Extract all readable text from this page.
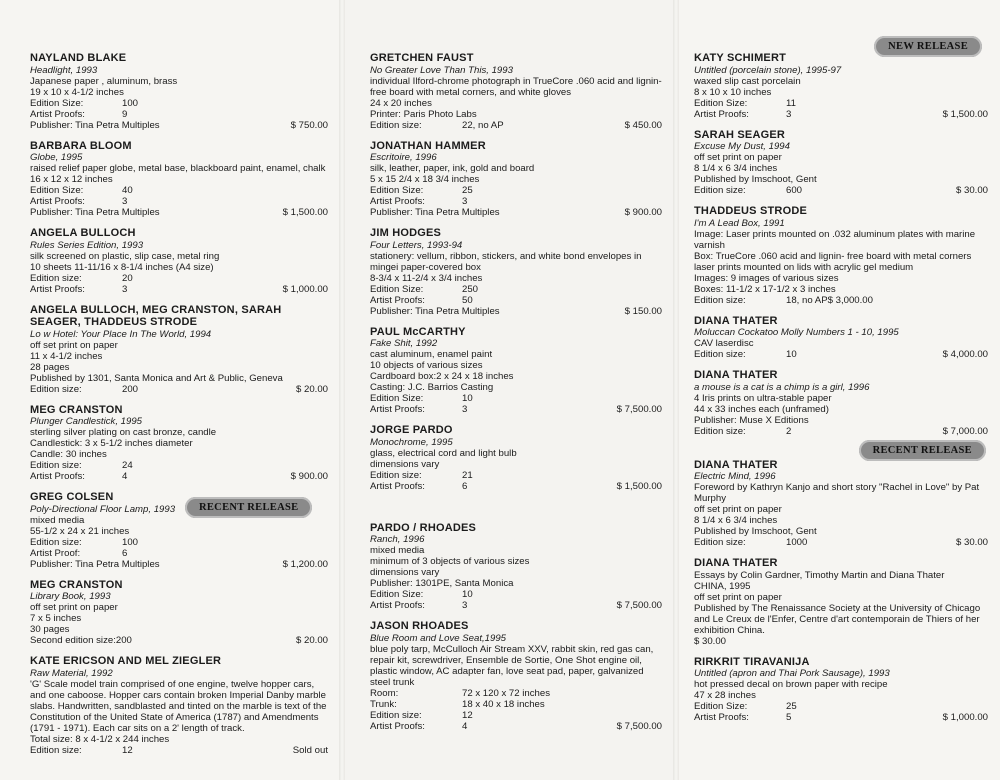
NAYLAND BLAKE
Headlight, 1993
Japanese paper , aluminum, brass
19 x 10 x 4-1/2 inches
Edition Size:	100
Artist Proofs:	9
Publisher: Tina Petra Multiples	$ 750.00
BARBARA BLOOM
Globe, 1995
raised relief paper globe, metal base, blackboard paint, enamel, chalk
16 x 12 x 12 inches
Edition Size:	40
Artist Proofs:	3
Publisher: Tina Petra Multiples	$ 1,500.00
ANGELA BULLOCH
Rules Series Edition, 1993
silk screened on plastic, slip case, metal ring
10 sheets 11-11/16 x 8-1/4 inches (A4 size)
Edition size:	20
Artist Proofs:	3	$ 1,000.00
ANGELA BULLOCH, MEG CRANSTON, SARAH SEAGER, THADDEUS STRODE
Lo w Hotel: Your Place In The World, 1994
off set print on paper
11 x 4-1/2 inches
28 pages
Published by 1301, Santa Monica and Art & Public, Geneva
Edition size:	200	$ 20.00
MEG CRANSTON
Plunger Candlestick, 1995
sterling silver plating on cast bronze, candle
Candlestick: 3 x 5-1/2 inches diameter
Candle: 30 inches
Edition size:	24
Artist Proofs:	4	$ 900.00
GREG COLSEN
Poly-Directional Floor Lamp, 1993
mixed media
55-1/2 x 24 x 21 inches
Edition size:	100
Artist Proof:	6
Publisher: Tina Petra Multiples	$ 1,200.00
MEG CRANSTON
Library Book, 1993
off set print on paper
7 x 5 inches
30 pages
Second edition size:200	$ 20.00
KATE ERICSON AND MEL ZIEGLER
Raw Material, 1992
'G' Scale model train comprised of one engine, twelve hopper cars, and one caboose. Hopper cars contain broken Imperial Danby marble slabs. Handwritten, sandblasted and tinted on the marble is text of the Constitution of the United State of America (1787) and Amendments (1791 - 1971). Each car sits on a 2' length of track.
Total size: 8 x 4-1/2 x 244 inches
Edition size:	12	Sold out
GRETCHEN FAUST
No Greater Love Than This, 1993
individual Ilford-chrome photograph in TrueCore .060 acid and lignin- free board with metal corners, and white gloves
24 x 20 inches
Printer: Paris Photo Labs
Edition size:	22, no AP	$ 450.00
JONATHAN HAMMER
Escritoire, 1996
silk, leather, paper, ink, gold and board
5 x 15 2/4 x 18 3/4 inches
Edition Size:	25
Artist Proofs:	3
Publisher: Tina Petra Multiples	$ 900.00
JIM HODGES
Four Letters, 1993-94
stationery: vellum, ribbon, stickers, and white bond envelopes in mingei paper-covered box
8-3/4 x 11-2/4 x 3/4 inches
Edition Size:	250
Artist Proofs:	50
Publisher: Tina Petra Multiples	$ 150.00
PAUL McCARTHY
Fake Shit, 1992
cast aluminum, enamel paint
10 objects of various sizes
Cardboard box:2 x 24 x 18 inches
Casting: J.C. Barrios Casting
Edition Size:	10
Artist Proofs:	3	$ 7,500.00
JORGE PARDO
Monochrome, 1995
glass, electrical cord and light bulb
dimensions vary
Edition size:	21
Artist Proofs:	6	$ 1,500.00
PARDO / RHOADES
Ranch, 1996
mixed media
minimum of 3 objects of various sizes
dimensions vary
Publisher: 1301PE, Santa Monica
Edition Size:	10
Artist Proofs:	3	$ 7,500.00
JASON RHOADES
Blue Room and Love Seat,1995
blue poly tarp, McCulloch Air Stream XXV, rabbit skin, red gas can, repair kit, screwdriver, Ensemble de Sortie, One Shot engine oil, plastic window, AC adapter fan, love seat pad, paper, galvanized steel trunk
Room:	72 x 120 x 72 inches
Trunk:	18 x 40 x 18 inches
Edition size:	12
Artist Proofs:	4	$ 7,500.00
KATY SCHIMERT
Untitled (porcelain stone), 1995-97
waxed slip cast porcelain
8 x 10 x 10 inches
Edition Size:	11
Artist Proofs:	3	$ 1,500.00
SARAH SEAGER
Excuse My Dust, 1994
off set print on paper
8 1/4 x 6 3/4 inches
Published by Imschoot, Gent
Edition size:	600	$ 30.00
THADDEUS STRODE
I'm A Lead Box, 1991
Image: Laser prints mounted on .032 aluminum plates with marine varnish
Box: TrueCore .060 acid and lignin- free board with metal corners laser prints mounted on lids with acrylic gel medium
Images: 9 images of various sizes
Boxes: 11-1/2 x 17-1/2 x 3 inches
Edition size:	18, no AP$ 3,000.00
DIANA THATER
Moluccan Cockatoo Molly Numbers 1 - 10, 1995
CAV laserdisc
Edition size:	10	$ 4,000.00
DIANA THATER
a mouse is a cat is a chimp is a girl, 1996
4 Iris prints on ultra-stable paper
44 x 33 inches each (unframed)
Publisher: Muse X Editions
Edition size:	2	$ 7,000.00
DIANA THATER
Electric Mind, 1996
Foreword by Kathryn Kanjo and short story "Rachel in Love" by Pat Murphy
off set print on paper
8 1/4 x 6 3/4 inches
Published by Imschoot, Gent
Edition size:	1000	$ 30.00
DIANA THATER
Essays by Colin Gardner, Timothy Martin and Diana Thater
CHINA, 1995
off set print on paper
Published by The Renaissance Society at the University of Chicago and Le Creux de l'Enfer, Centre d'art contemporain de Thiers of her exhibition China.
$ 30.00
RIRKRIT TIRAVANIJA
Untitled (apron and Thai Pork Sausage), 1993
hot pressed decal on brown paper with recipe
47 x 28 inches
Edition Size:	25
Artist Proofs:	5	$ 1,000.00
NEW RELEASE
RECENT RELEASE
RECENT RELEASE
